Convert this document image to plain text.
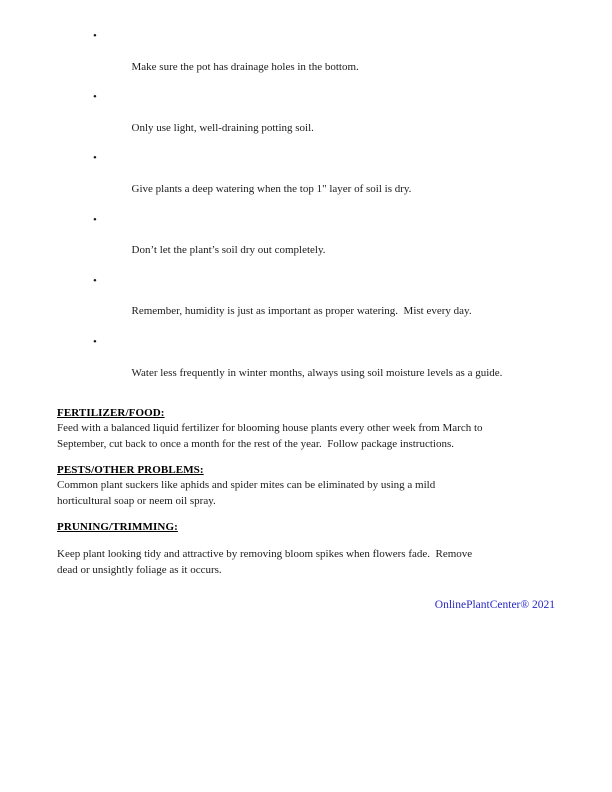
•

Make sure the pot has drainage holes in the bottom.

•

Only use light, well-draining potting soil.

•

Give plants a deep watering when the top 1" layer of soil is dry.

•

Don’t let the plant’s soil dry out completely.

•

Remember, humidity is just as important as proper watering.  Mist every day.

•

Water less frequently in winter months, always using soil moisture levels as a guide.

FERTILIZER/FOOD:

Feed with a balanced liquid fertilizer for blooming house plants every other week from March to

September, cut back to once a month for the rest of the year.  Follow package instructions.

PESTS/OTHER PROBLEMS:

Common plant suckers like aphids and spider mites can be eliminated by using a mild

horticultural soap or neem oil spray.

PRUNING/TRIMMING:

Keep plant looking tidy and attractive by removing bloom spikes when flowers fade.  Remove

dead or unsightly foliage as it occurs.

OnlinePlantCenter® 2021
